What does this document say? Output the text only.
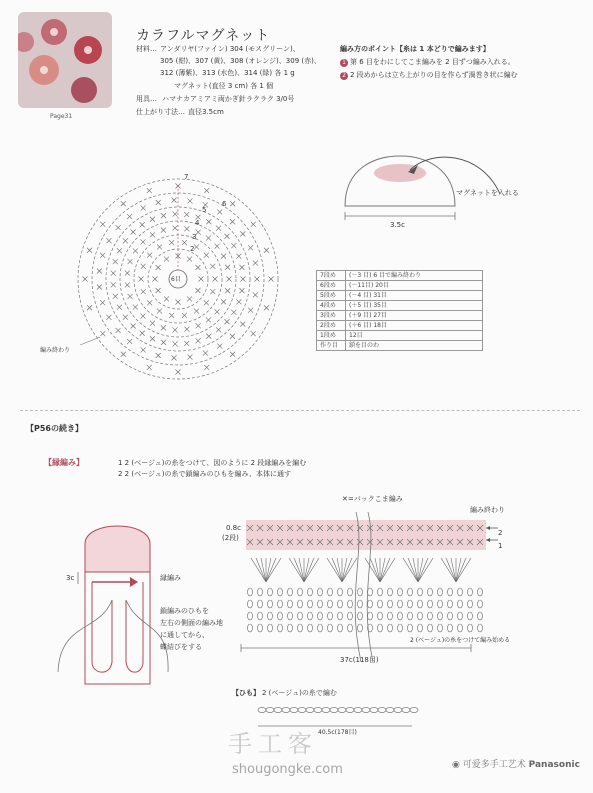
Page31
カラフルマグネット
材料… アンダリヤ(ファイン) 304 (モスグリーン)、
305 (紺)、307 (黄)、308 (オレンジ)、309 (赤)、
312 (薄紫)、313 (水色)、314 (緑) 各 1 g
マグネット(直径 3 cm) 各 1 個
用具… ハマナカアミアミ両かぎ針ラクラク 3/0号
仕上がり寸法… 直径3.5cm
編み方のポイント【糸は 1 本どりで編みます】
1 第 6 目をわにしてこま編みを 2 目ずつ編み入れる。
2 2 段めからは立ち上がりの目を作らず渦巻き状に編む
マグネットを入れる
3.5c
編み終わり
6目
7
6
5
4
3
2
7段め	(－3 目) 6 目で編み終わり
6段め	(－11目) 20目
5段め	(－4 目) 31目
4段め	(＋5 目) 35目
3段め	(＋9 目) 27目
2段め	(＋6 目) 18目
1段め	12目
作り目	鎖を目のわ
【P56の続き】
【縁編み】	1 2 (ベージュ)の糸をつけて、図のように 2 段縁編みを編む
2 2 (ベージュ)の糸で鎖編みのひもを編み、本体に通す
3c	縁編み
鎖編みのひもを
左右の側面の編み地
に通してから、
蝶結びをする
✕=バックこま編み
編み終わり
0.8c
(2段)
2
1
2 (ベージュ)の糸をつけて編み始める
37c(118目)
【ひも】 2 (ベージュ)の糸で編む
40.5c(178目)
手工客
shougongke.com	◉ 可爱多手工艺术 Panasonic
